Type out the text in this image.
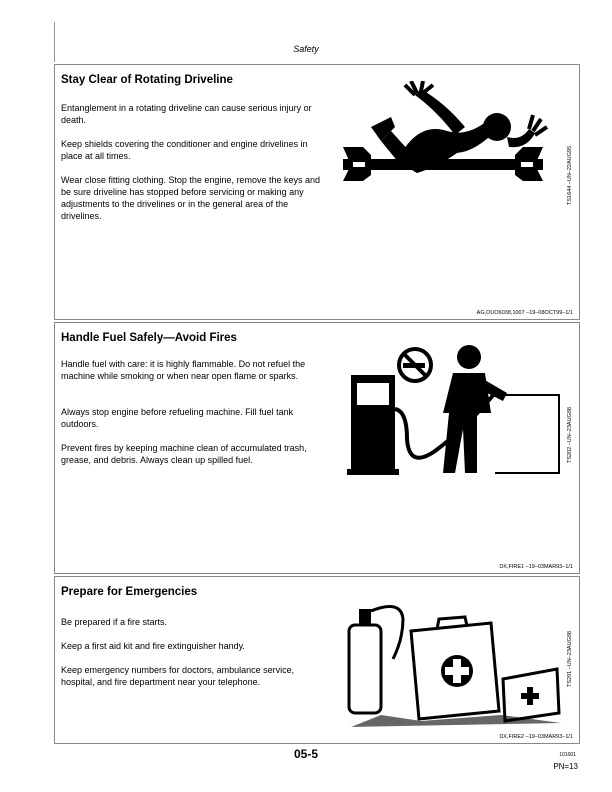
Safety
Stay Clear of Rotating Driveline

Entanglement in a rotating driveline can cause serious injury or death.

Keep shields covering the conditioner and engine drivelines in place at all times.

Wear close fitting clothing. Stop the engine, remove the keys and be sure driveline has stopped before servicing or making any adjustments to the drivelines or in the general area of the drivelines.

TS1644 –UN–22AUG95
AG,OUO6038,1007 –19–08OCT99–1/1
Handle Fuel Safely—Avoid Fires

Handle fuel with care: it is highly flammable. Do not refuel the machine while smoking or when near open flame or sparks.

Always stop engine before refueling machine. Fill fuel tank outdoors.

Prevent fires by keeping machine clean of accumulated trash, grease, and debris. Always clean up spilled fuel.	TS202 –UN–23AUG88
DX,FIRE1 –19–03MAR93–1/1
Prepare for Emergencies

Be prepared if a fire starts.

Keep a first aid kit and fire extinguisher handy.

Keep emergency numbers for doctors, ambulance service, hospital, and fire department near your telephone.	TS291 –UN–23AUG88
DX,FIRE2 –19–03MAR93–1/1
05-5	101001
PN=13
